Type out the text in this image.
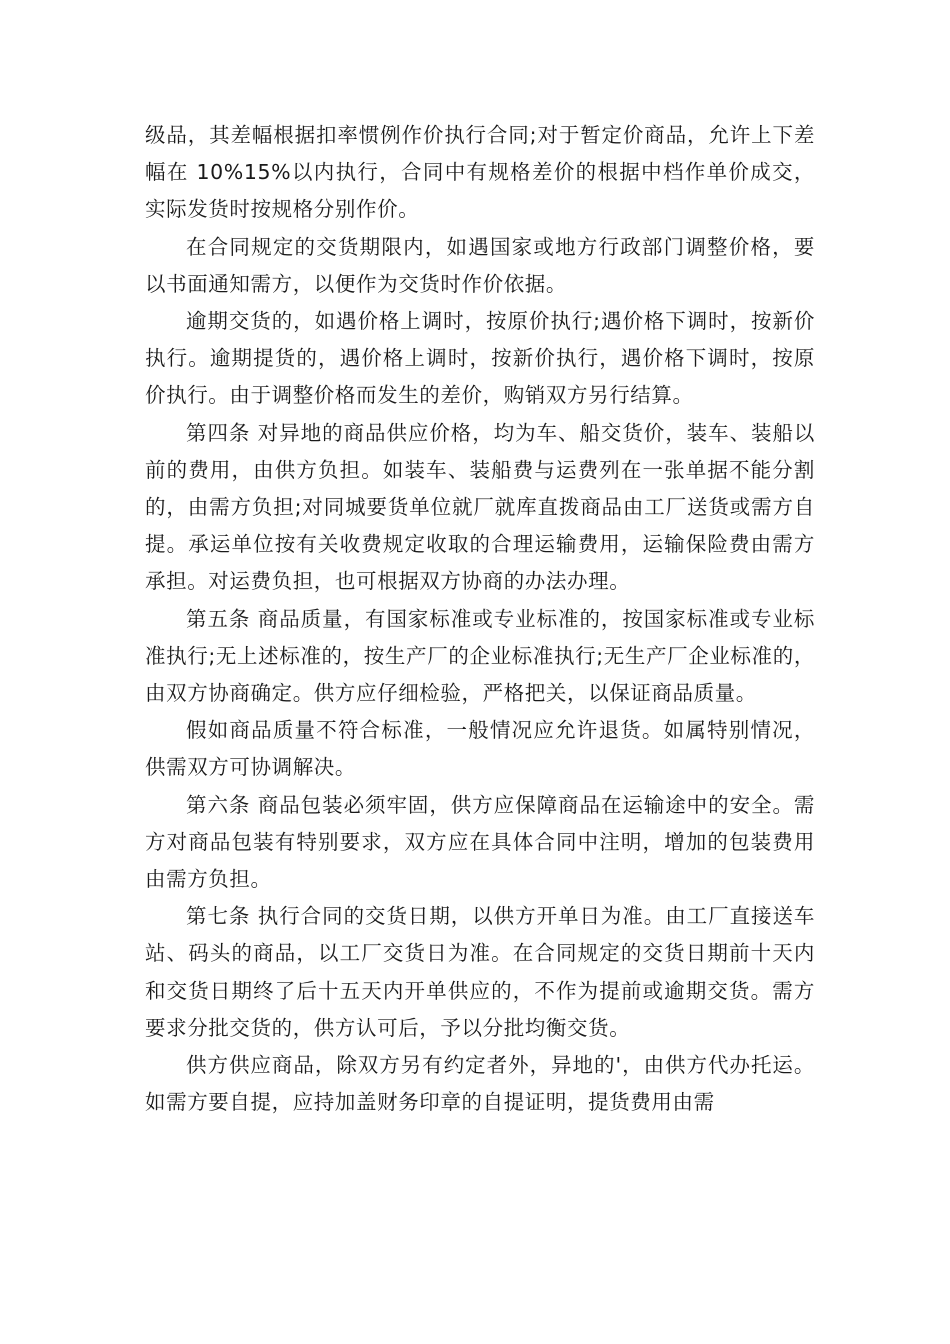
级品，其差幅根据扣率惯例作价执行合同;对于暂定价商品，允许上下差幅在 10%15%以内执行，合同中有规格差价的根据中档作单价成交，实际发货时按规格分别作价。

在合同规定的交货期限内，如遇国家或地方行政部门调整价格，要以书面通知需方，以便作为交货时作价依据。

逾期交货的，如遇价格上调时，按原价执行;遇价格下调时，按新价执行。逾期提货的，遇价格上调时，按新价执行，遇价格下调时，按原价执行。由于调整价格而发生的差价，购销双方另行结算。

第四条 对异地的商品供应价格，均为车、船交货价，装车、装船以前的费用，由供方负担。如装车、装船费与运费列在一张单据不能分割的，由需方负担;对同城要货单位就厂就库直拨商品由工厂送货或需方自提。承运单位按有关收费规定收取的合理运输费用，运输保险费由需方承担。对运费负担，也可根据双方协商的办法办理。

第五条 商品质量，有国家标准或专业标准的，按国家标准或专业标准执行;无上述标准的，按生产厂的企业标准执行;无生产厂企业标准的，由双方协商确定。供方应仔细检验，严格把关，以保证商品质量。

假如商品质量不符合标准，一般情况应允许退货。如属特别情况，供需双方可协调解决。

第六条 商品包装必须牢固，供方应保障商品在运输途中的安全。需方对商品包装有特别要求，双方应在具体合同中注明，增加的包装费用由需方负担。

第七条 执行合同的交货日期，以供方开单日为准。由工厂直接送车站、码头的商品，以工厂交货日为准。在合同规定的交货日期前十天内和交货日期终了后十五天内开单供应的，不作为提前或逾期交货。需方要求分批交货的，供方认可后，予以分批均衡交货。

供方供应商品，除双方另有约定者外，异地的'，由供方代办托运。如需方要自提，应持加盖财务印章的自提证明，提货费用由需
